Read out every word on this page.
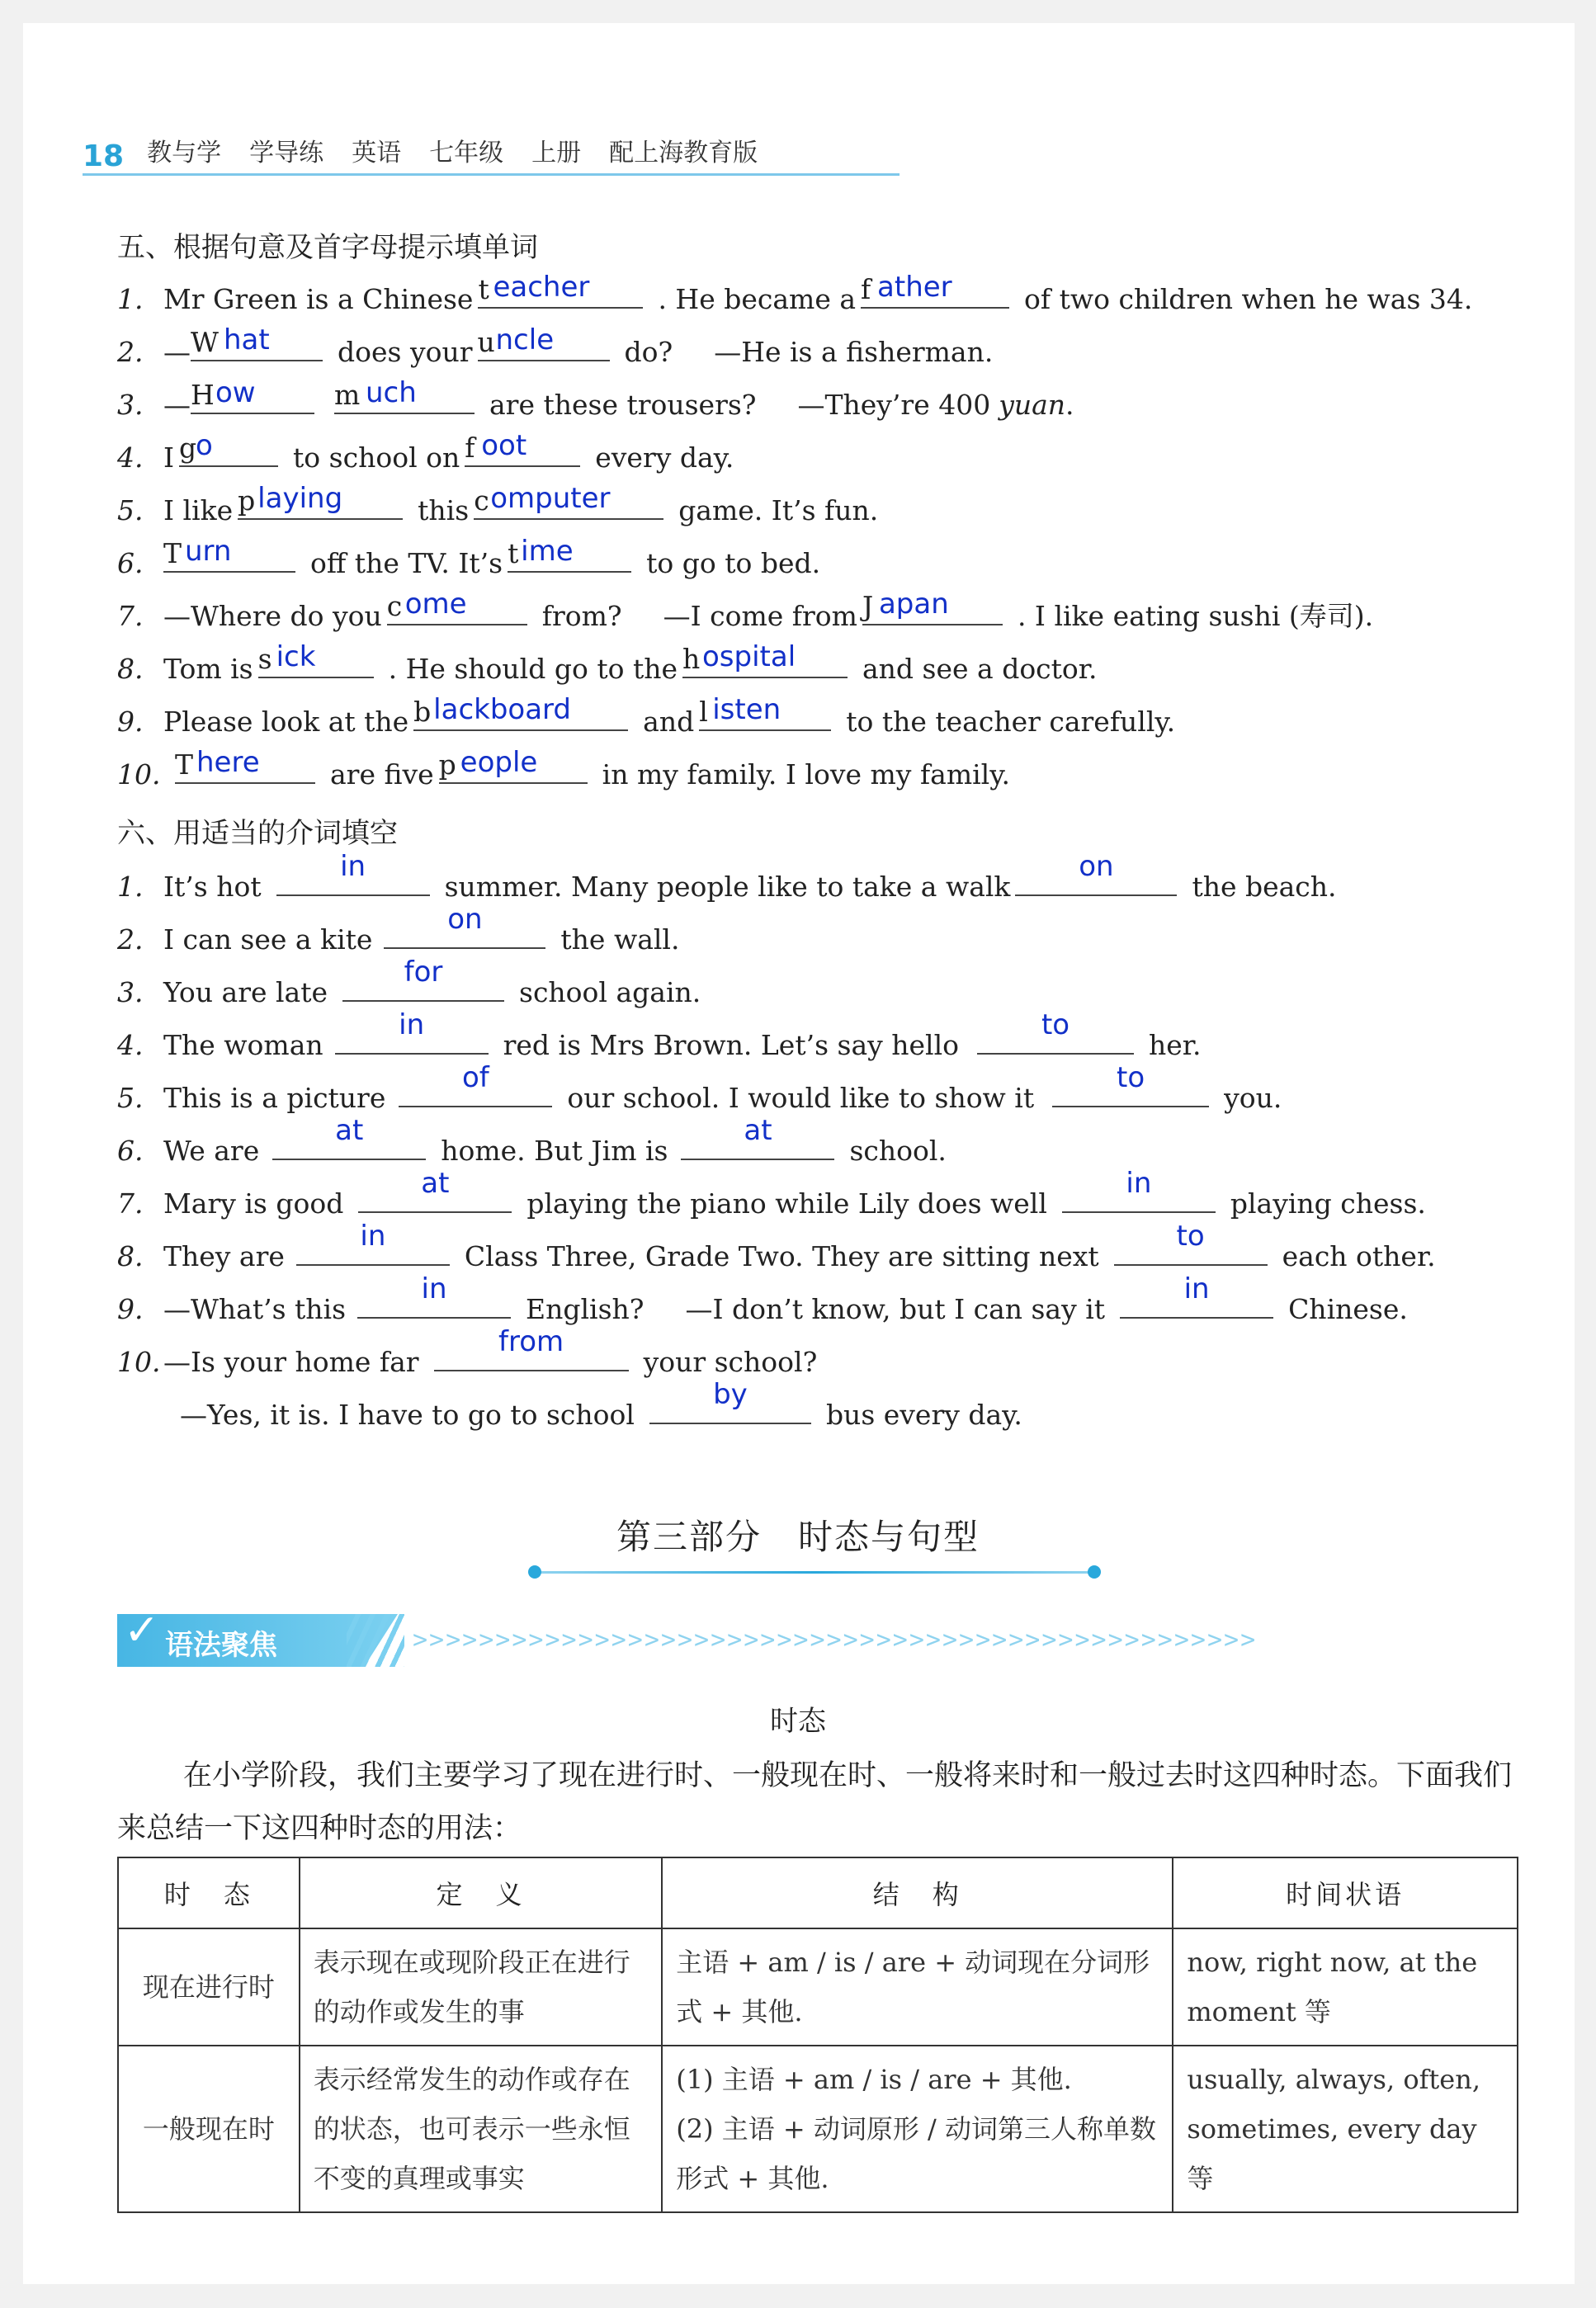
18 教与学 学导练 英语 七年级 上册 配上海教育版
五、根据句意及首字母提示填单词
1. Mr Green is a Chinese t eacher	. He became a f ather	of two children when he was 34.
2. — W hat does your u ncle	do? —He is a fisherman.
3. — H ow	m uch	are these trousers? —They’re 400 yuan .
4. I g
o	to school on f oot	every day.
5. I like p laying	this c omputer	game. It’s fun.
6. T urn	off the TV. It’s t ime	to go to bed.
7. —Where do you c ome	from? —I come from J apan	. I like eating sushi (寿司).
8. Tom is s ick	. He should go to the h ospital and see a doctor.
9. Please look at the b lackboard	and l isten to the teacher carefully.
10. T here	are five p eople in my family. I love my family.
六、用适当的介词填空
1. It’s hot
in
summer. Many people like to take a walk
on
the beach.
2. I can see a kite
on
the wall.
3. You are late
for
school again.
4. The woman
in
red is Mrs Brown. Let’s say hello
to
her.
5. This is a picture
of
our school. I would like to show it
to
you.
6. We are
at
home. But Jim is
at
school.
7. Mary is good
at
playing the piano while Lily does well
in
playing chess.
8. They are
in
Class Three, Grade Two. They are sitting next
to
each other.
9. —What’s this
in
English? —I don’t know, but I can say it
in
Chinese.
10. —Is your home far
from
your school?
—Yes, it is. I have to go to school
by
bus every day.
第三部分　时态与句型
✓ 语法聚焦	>>>>>>>>>>>>>>>>>>>>>>>>>>>>>>>>>>>>>>>>>>>>>>>>>>>
时态
在小学阶段，我们主要学习了现在进行时、一般现在时、一般将来时和一般过去时这四种时态。下面我们来总结一下这四种时态的用法：
时　态	定　义	结　构	时间状语
现在进行时	表示现在或现阶段正在进行的动作或发生的事	主语 + am / is / are + 动词现在分词形式 + 其他.	now, right now, at the moment 等
一般现在时	表示经常发生的动作或存在的状态，也可表示一些永恒不变的真理或事实	(1) 主语 + am / is / are + 其他.
(2) 主语 + 动词原形 / 动词第三人称单数形式 + 其他.	usually, always, often, sometimes, every day 等
